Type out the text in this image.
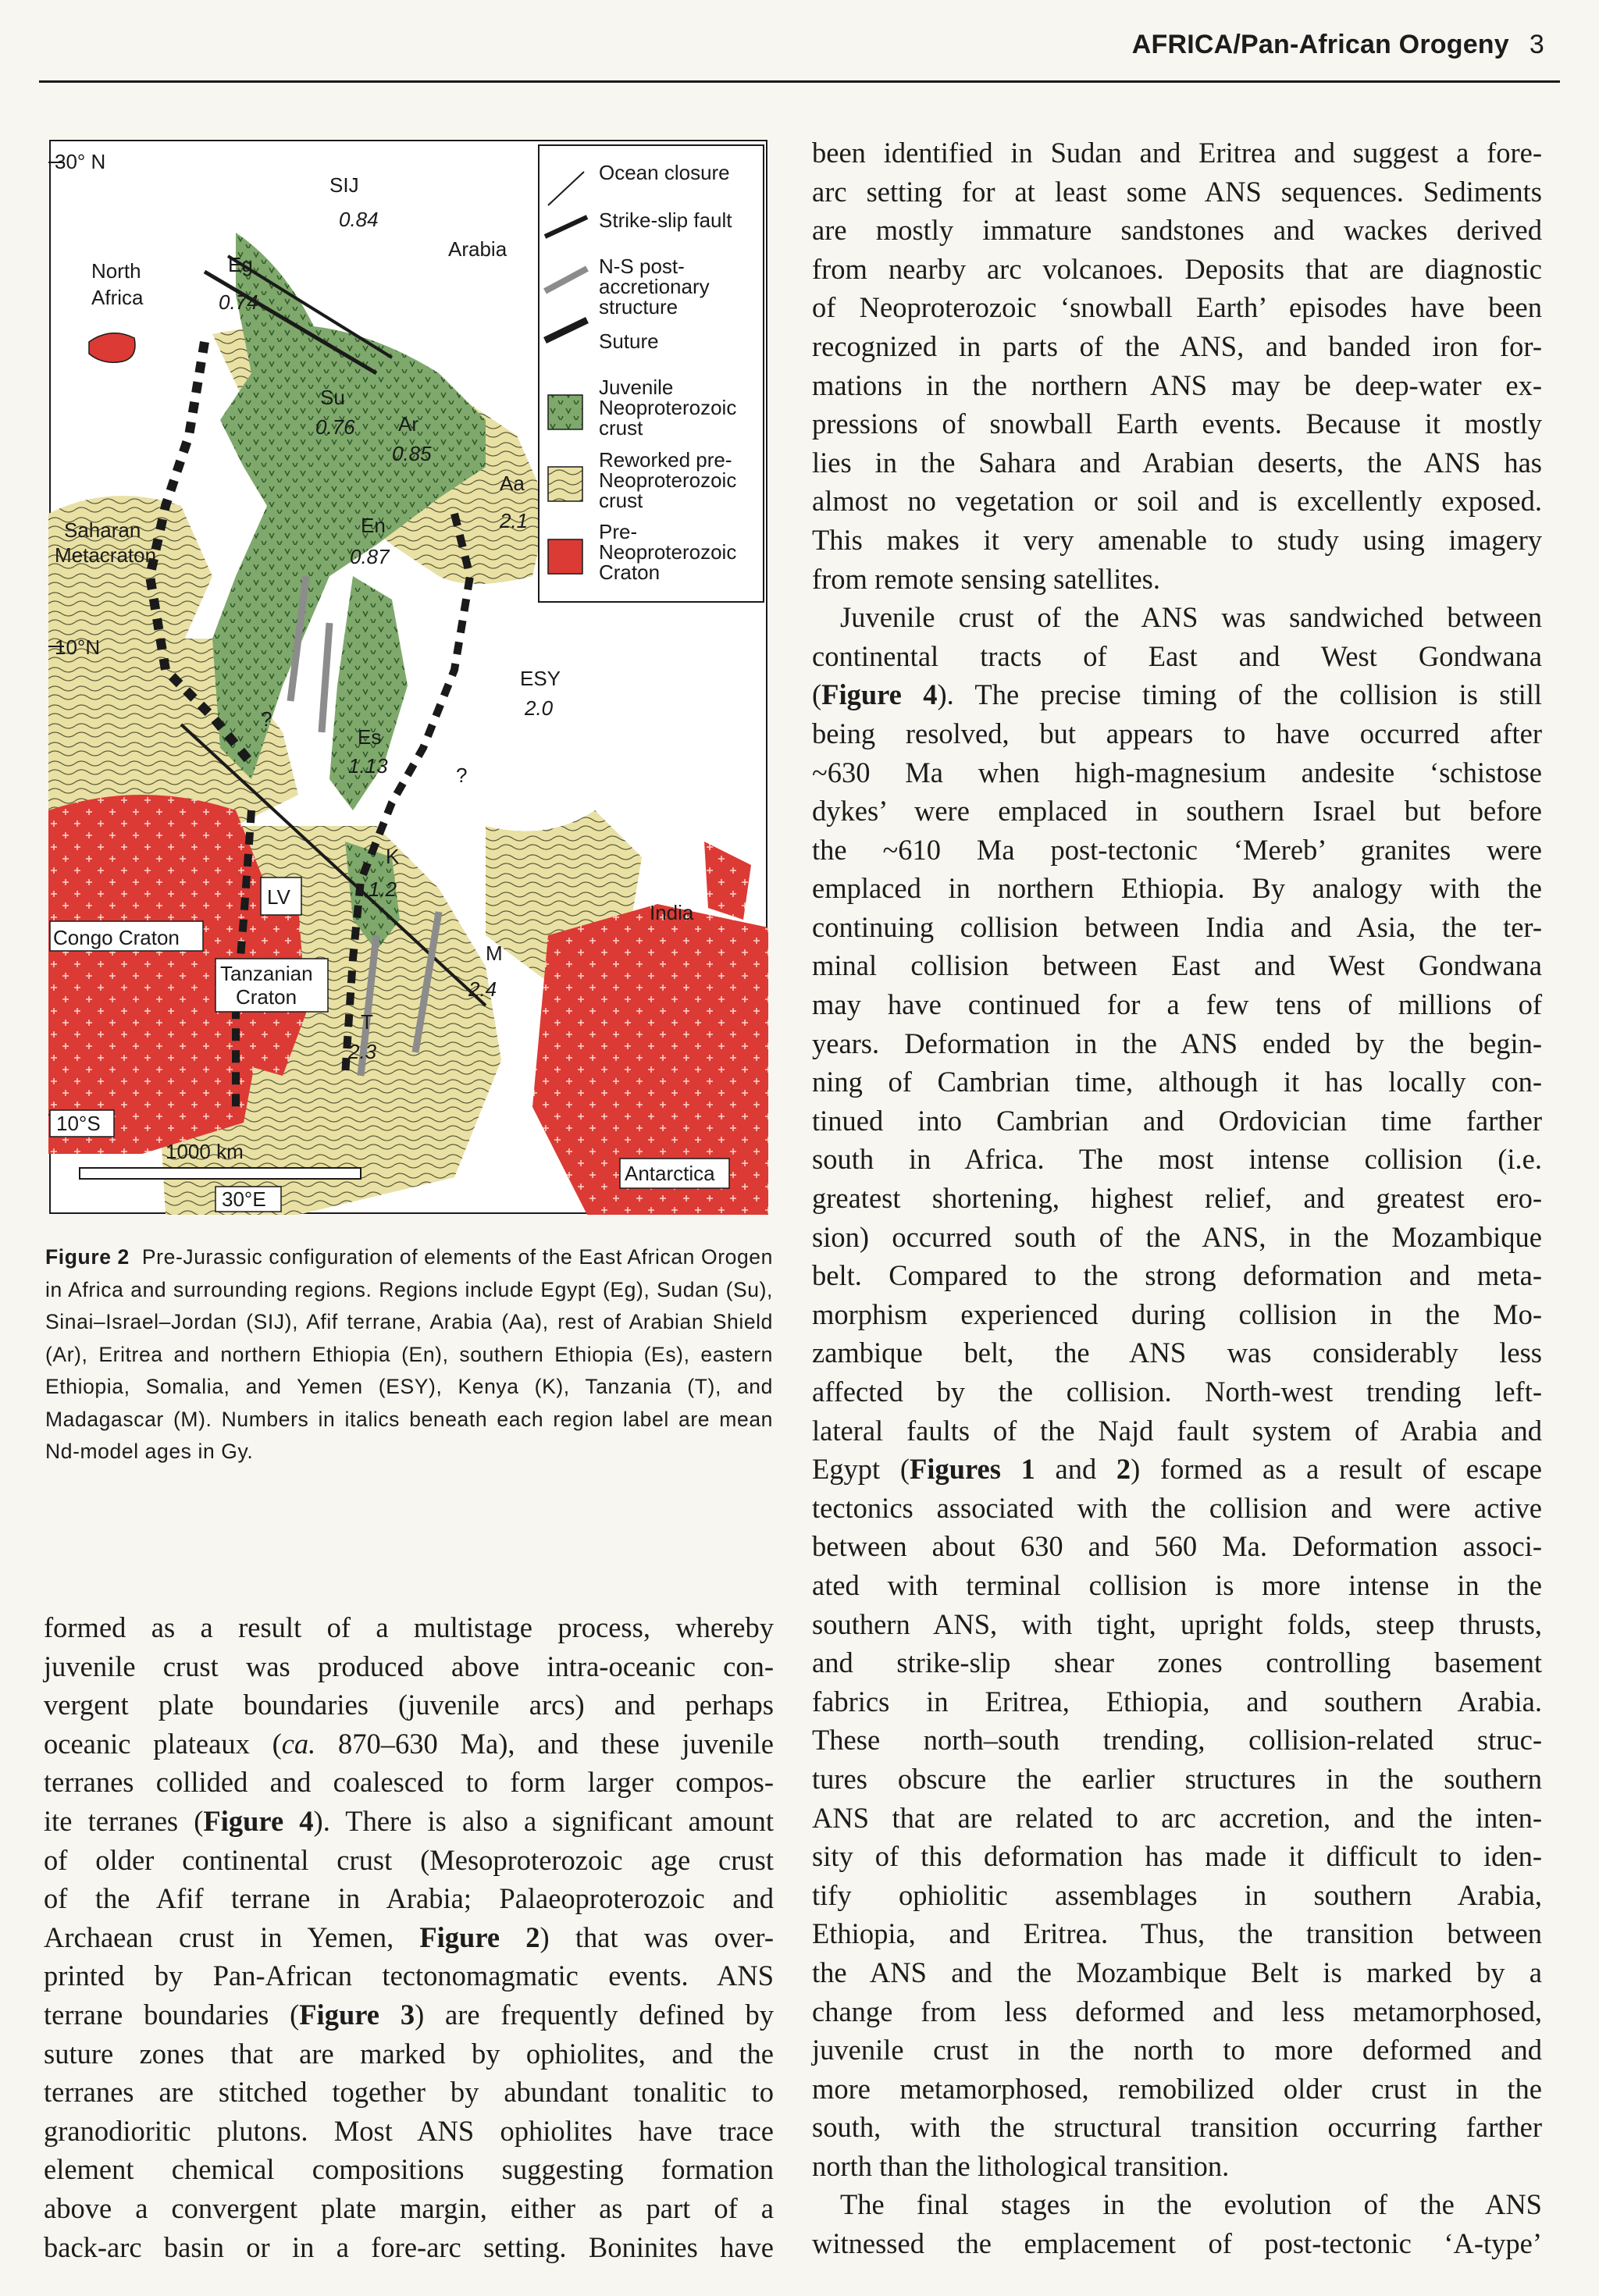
AFRICA/Pan-African Orogeny 3
Ocean closure
Strike-slip fault
N-S post-
accretionary
structure
Suture
Juvenile
Neoproterozoic
crust
Reworked pre-
Neoproterozoic
crust
Pre-
Neoproterozoic
Craton
30° N
North
Africa
Eg
0.74
SIJ
0.84
Arabia
Su
0.76 Ar
0.85
Aa
2.1
En
0.87
Saharan
Metacraton
10°N
ESY
2.0
?
?
Es
1.13
K
1.2
LV
Congo Craton
Tanzanian
Craton
India
M
2.4
T
2.3
10°S
1000 km
30°E
Antarctica
Figure 2 Pre-Jurassic configuration of elements of the East African Orogen in Africa and surrounding regions. Regions include Egypt (Eg), Sudan (Su), Sinai–Israel–Jordan (SIJ), Afif terrane, Arabia (Aa), rest of Arabian Shield (Ar), Eritrea and northern Ethiopia (En), southern Ethiopia (Es), eastern Ethiopia, Somalia, and Yemen (ESY), Kenya (K), Tanzania (T), and Madagascar (M). Numbers in italics beneath each region label are mean Nd-model ages in Gy.
formed as a result of a multistage process, whereby
juvenile crust was produced above intra-oceanic con-
vergent plate boundaries (juvenile arcs) and perhaps
oceanic plateaux (ca. 870–630 Ma), and these juvenile
terranes collided and coalesced to form larger compos-
ite terranes (Figure 4). There is also a significant amount
of older continental crust (Mesoproterozoic age crust
of the Afif terrane in Arabia; Palaeoproterozoic and
Archaean crust in Yemen, Figure 2) that was over-
printed by Pan-African tectonomagmatic events. ANS
terrane boundaries (Figure 3) are frequently defined by
suture zones that are marked by ophiolites, and the
terranes are stitched together by abundant tonalitic to
granodioritic plutons. Most ANS ophiolites have trace
element chemical compositions suggesting formation
above a convergent plate margin, either as part of a
back-arc basin or in a fore-arc setting. Boninites have
been identified in Sudan and Eritrea and suggest a fore-
arc setting for at least some ANS sequences. Sediments
are mostly immature sandstones and wackes derived
from nearby arc volcanoes. Deposits that are diagnostic
of Neoproterozoic ‘snowball Earth’ episodes have been
recognized in parts of the ANS, and banded iron for-
mations in the northern ANS may be deep-water ex-
pressions of snowball Earth events. Because it mostly
lies in the Sahara and Arabian deserts, the ANS has
almost no vegetation or soil and is excellently exposed.
This makes it very amenable to study using imagery
from remote sensing satellites.
Juvenile crust of the ANS was sandwiched between
continental tracts of East and West Gondwana
(Figure 4). The precise timing of the collision is still
being resolved, but appears to have occurred after
~630 Ma when high-magnesium andesite ‘schistose
dykes’ were emplaced in southern Israel but before
the ~610 Ma post-tectonic ‘Mereb’ granites were
emplaced in northern Ethiopia. By analogy with the
continuing collision between India and Asia, the ter-
minal collision between East and West Gondwana
may have continued for a few tens of millions of
years. Deformation in the ANS ended by the begin-
ning of Cambrian time, although it has locally con-
tinued into Cambrian and Ordovician time farther
south in Africa. The most intense collision (i.e.
greatest shortening, highest relief, and greatest ero-
sion) occurred south of the ANS, in the Mozambique
belt. Compared to the strong deformation and meta-
morphism experienced during collision in the Mo-
zambique belt, the ANS was considerably less
affected by the collision. North-west trending left-
lateral faults of the Najd fault system of Arabia and
Egypt (Figures 1 and 2) formed as a result of escape
tectonics associated with the collision and were active
between about 630 and 560 Ma. Deformation associ-
ated with terminal collision is more intense in the
southern ANS, with tight, upright folds, steep thrusts,
and strike-slip shear zones controlling basement
fabrics in Eritrea, Ethiopia, and southern Arabia.
These north–south trending, collision-related struc-
tures obscure the earlier structures in the southern
ANS that are related to arc accretion, and the inten-
sity of this deformation has made it difficult to iden-
tify ophiolitic assemblages in southern Arabia,
Ethiopia, and Eritrea. Thus, the transition between
the ANS and the Mozambique Belt is marked by a
change from less deformed and less metamorphosed,
juvenile crust in the north to more deformed and
more metamorphosed, remobilized older crust in the
south, with the structural transition occurring farther
north than the lithological transition.
The final stages in the evolution of the ANS
witnessed the emplacement of post-tectonic ‘A-type’
